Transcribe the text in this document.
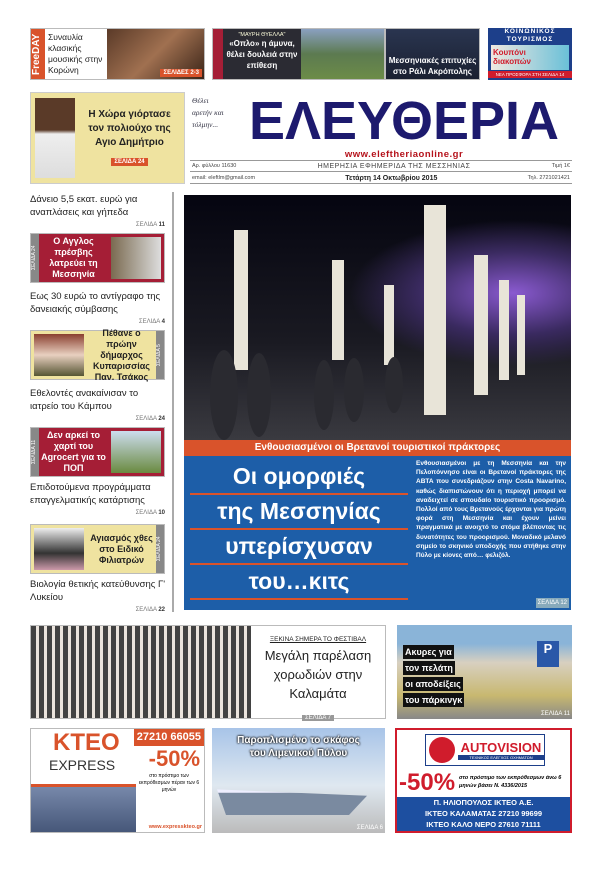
FreeDAY Συναυλία κλασικής μουσικής στην Κορώνη	ΣΕΛΙΔΕΣ 2-3
"ΜΑΥΡΗ ΘΥΕΛΛΑ"
«Οπλο» η άμυνα, θέλει δουλειά στην επίθεση
Μεσσηνιακές επιτυχίες στο Ράλι Ακρόπολης
ΚΟΙΝΩΝΙΚΟΣ
ΤΟΥΡΙΣΜΟΣ
Κουπόνι διακοπών
ΝΕΑ ΠΡΟΣΦΟΡΑ ΣΤΗ ΣΕΛΙΔΑ 14
Η Χώρα γιόρτασε τον πολιούχο της Αγιο Δημήτριο
ΣΕΛΙΔΑ 24
Θέλει αρετήν και τόλμην... ΕΛΕΥΘΕΡΙΑ
www.eleftheriaonline.gr
Αρ. φύλλου 11630	ΗΜΕΡΗΣΙΑ ΕΦΗΜΕΡΙΔΑ ΤΗΣ ΜΕΣΣΗΝΙΑΣ	Τιμή 1€
email: eleftlm@gmail.com	Τετάρτη 14 Οκτωβρίου 2015	Τηλ. 2721021421
Δάνειο 5,5 εκατ. ευρώ για αναπλάσεις και γήπεδα
ΣΕΛΙΔΑ 11
ΣΕΛΙΔΑ 24
Ο Αγγλος πρέσβης λατρεύει τη Μεσσηνία
Εως 30 ευρώ το αντίγραφο της δανειακής σύμβασης
ΣΕΛΙΔΑ 4
Πέθανε ο πρώην δήμαρχος Κυπαρισσίας Παν. Τσάκος
ΣΕΛΙΔΑ 5
Εθελοντές ανακαίνισαν το ιατρείο του Κάμπου
ΣΕΛΙΔΑ 24
ΣΕΛΙΔΑ 11
Δεν αρκεί το χαρτί του Agrocert για το ΠΟΠ
Επιδοτούμενα προγράμματα επαγγελματικής κατάρτισης
ΣΕΛΙΔΑ 10
Αγιασμός χθες στο Ειδικό Φιλιατρών	ΣΕΛΙΔΑ 24
Βιολογία θετικής κατεύθυνσης Γ' Λυκείου
ΣΕΛΙΔΑ 22
Ενθουσιασμένοι οι Βρετανοί τουριστικοί πράκτορες
Οι ομορφιές
της Μεσσηνίας
υπερίσχυσαν
του…κιτς
Ενθουσιασμένοι με τη Μεσσηνία και την Πελοπόννησο είναι οι Βρετανοί πράκτορες της ABTA που συνεδριάζουν στην Costa Navarino, καθώς διαπιστώνουν ότι η περιοχή μπορεί να αναδειχτεί σε σπουδαίο τουριστικό προορισμό. Πολλοί από τους Βρετανούς έρχονται για πρώτη φορά στη Μεσσηνία και έχουν μείνει πραγματικά με ανοιχτό το στόμα βλέποντας τις δυνατότητες του προορισμού. Μοναδικό μελανό σημείο το σκηνικό υποδοχής που στήθηκε στην Πύλο με κίονες από… φελιζόλ.
ΣΕΛΙΔΑ 12
ΞΕΚΙΝΑ ΣΗΜΕΡΑ ΤΟ ΦΕΣΤΙΒΑΛ
Μεγάλη παρέλαση χορωδιών στην Καλαμάτα
ΣΕΛΙΔΑ 7
Ακυρες για
τον πελάτη
οι αποδείξεις
του πάρκινγκ
P
ΣΕΛΙΔΑ 11
ΚΤΕΟ
EXPRESS
27210 66055
-50%
στο πρόστιμο των εκπρόθεσμων πέραν των 6 μηνών
www.expresskteo.gr
Παροπλισμένο το σκάφος του Λιμενικού Πύλου
ΣΕΛΙΔΑ 6
AUTOVISION
ΤΕΧΝΙΚΟΣ ΕΛΕΓΧΟΣ ΟΧΗΜΑΤΩΝ
-50% στο πρόστιμο των εκπρόθεσμων άνω 6 μηνών βάσει Ν. 4336/2015
Π. ΗΛΙΟΠΟΥΛΟΣ ΙΚΤΕΟ Α.Ε.
ΙΚΤΕΟ ΚΑΛΑΜΑΤΑΣ 27210 99699
ΙΚΤΕΟ ΚΑΛΟ ΝΕΡΟ 27610 71111
